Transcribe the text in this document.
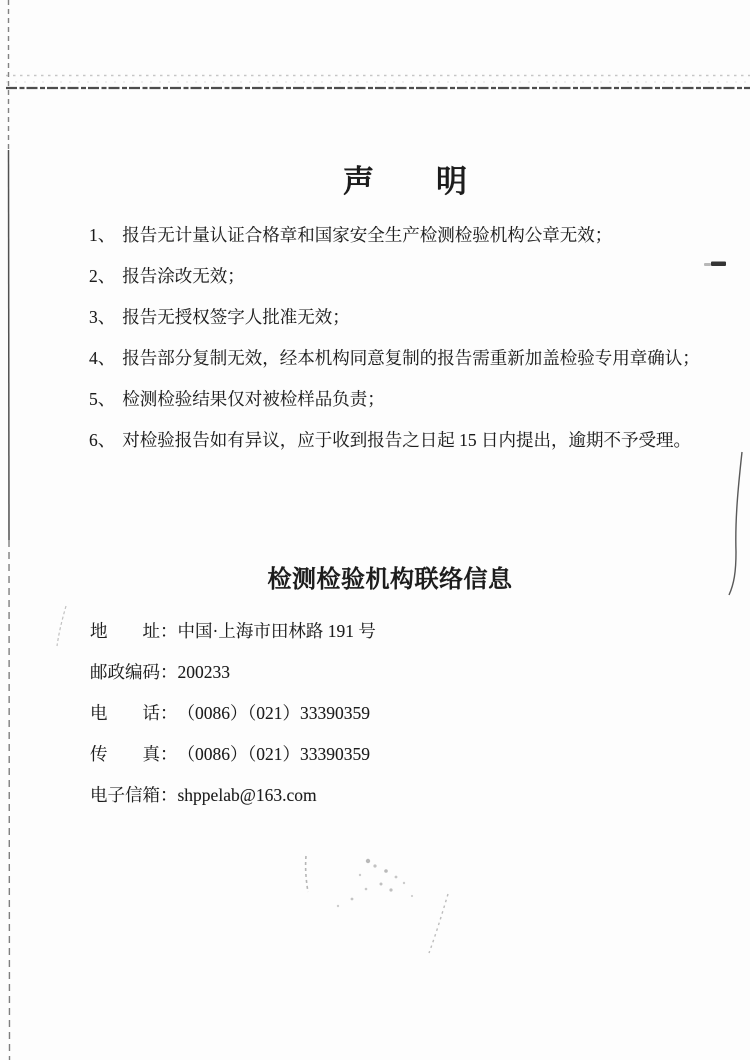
声　　明
1、 报告无计量认证合格章和国家安全生产检测检验机构公章无效；
2、 报告涂改无效；
3、 报告无授权签字人批准无效；
4、 报告部分复制无效，经本机构同意复制的报告需重新加盖检验专用章确认；
5、 检测检验结果仅对被检样品负责；
6、 对检验报告如有异议，应于收到报告之日起 15 日内提出，逾期不予受理。
检测检验机构联络信息
地　　址： 中国·上海市田林路 191 号
邮政编码： 200233
电　　话： （0086）（021）33390359
传　　真： （0086）（021）33390359
电子信箱： shppelab@163.com
